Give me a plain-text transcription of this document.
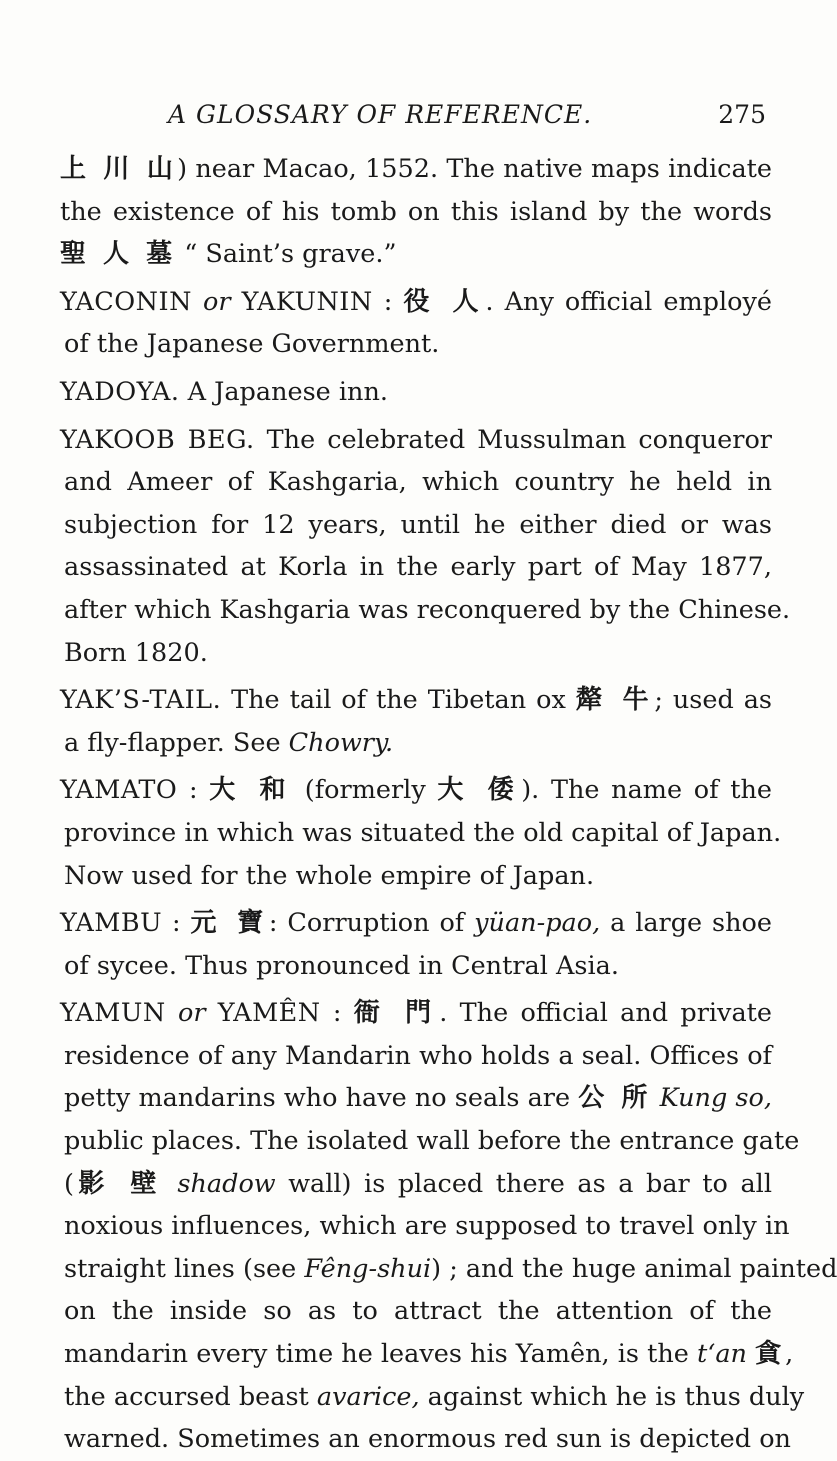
A GLOSSARY OF REFERENCE.	275
上 川 山) near Macao, 1552. The native maps indicate
the existence of his tomb on this island by the words
聖 人 墓 “ Saint’s grave.”
YACONIN or YAKUNIN : 役 人. Any official employé
of the Japanese Government.
YADOYA. A Japanese inn.
YAKOOB BEG. The celebrated Mussulman conqueror
and Ameer of Kashgaria, which country he held in
subjection for 12 years, until he either died or was
assassinated at Korla in the early part of May 1877,
after which Kashgaria was reconquered by the Chinese.
Born 1820.
YAK’S-TAIL. The tail of the Tibetan ox 犛 牛; used as
a fly-flapper. See Chowry.
YAMATO : 大 和 (formerly 大 倭). The name of the
province in which was situated the old capital of Japan.
Now used for the whole empire of Japan.
YAMBU : 元 寶: Corruption of yüan-pao, a large shoe
of sycee. Thus pronounced in Central Asia.
YAMUN or YAMÊN : 衙 門. The official and private
residence of any Mandarin who holds a seal. Offices of
petty mandarins who have no seals are 公 所 Kung so,
public places. The isolated wall before the entrance gate
(影 壁 shadow wall) is placed there as a bar to all
noxious influences, which are supposed to travel only in
straight lines (see Fêng-shui) ; and the huge animal painted
on the inside so as to attract the attention of the
mandarin every time he leaves his Yamên, is the t‘an 貪,
the accursed beast avarice, against which he is thus duly
warned. Sometimes an enormous red sun is depicted on
